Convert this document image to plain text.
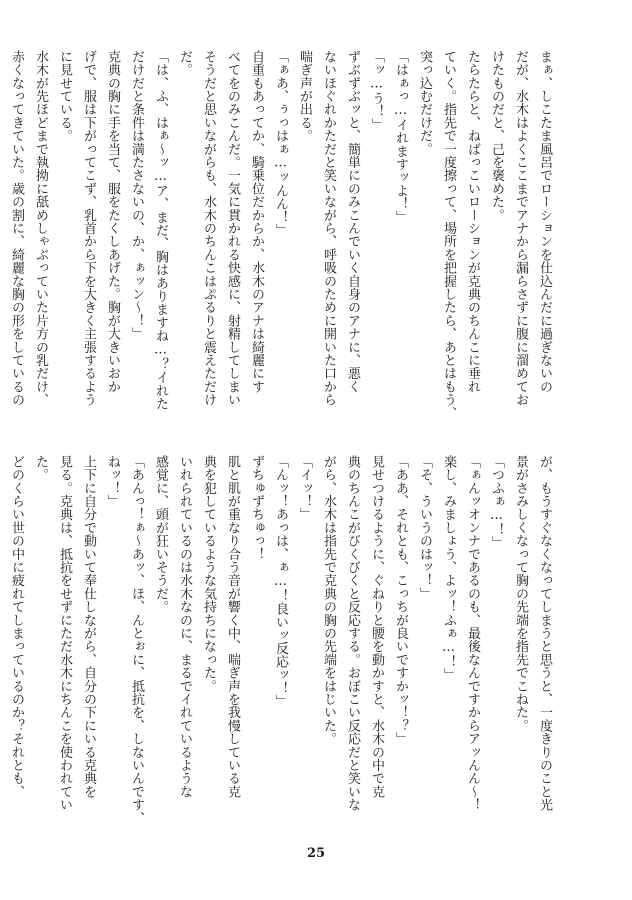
まぁ、しこたま風呂でローションを仕込んだに過ぎないの
だが、水木はよくここまでアナから漏らさずに腹に溜めてお
けたものだと、己を褒めた。
たらたらと、ねばっこいローションが克典のちんこに垂れ
ていく。指先で一度擦って、場所を把握したら、あとはもう、
突っ込むだけだ。
「はぁっ…イれますッよ！」
「ッ…う！」
ずぶずぶッと、簡単にのみこんでいく自身のアナに、悪く
ないほぐれかただと笑いながら、呼吸のために開いた口から
喘ぎ声が出る。
「ぁあ、ぅっはぁ…ッんん！」
自重もあってか、騎乗位だからか、水木のアナは綺麗にす
べてをのみこんだ。一気に貫かれる快感に、射精してしまい
そうだと思いながらも、水木のちんこはぷるりと震えただけ
だ。
「は、ふ、はぁ〜ッ…ア、まだ、胸はありますね…？イれた
だけだと条件は満たさないの、か、ぁッン〜！」
克典の胸に手を当て、服をたくしあげた。胸が大きいおか
げで、服は下がってこず、乳首から下を大きく主張するよう
に見せている。
水木が先ほどまで執拗に舐めしゃぶっていた片方の乳だけ、
赤くなってきていた。歳の割に、綺麗な胸の形をしているの
が、もうすぐなくなってしまうと思うと、一度きりのこと光
景がさみしくなって胸の先端を指先でこねた。
「つふぁ…！」
「ぁんッオンナであるのも、最後なんですからアッんん〜！
楽し、みましょう、よッ！ふぁ…！」
「そ、ういうのはッ！」
「ああ、それとも、こっちが良いですかッ！？」
見せつけるように、ぐねりと腰を動かすと、水木の中で克
典のちんこがびくびくと反応する。おぼこい反応だと笑いな
がら、水木は指先で克典の胸の先端をはじいた。
「イッ！」
「んッ！あっは、ぁ…！良いッ反応ッ！」
ずちゅずちゅっ！
肌と肌が重なり合う音が響く中、喘ぎ声を我慢している克
典を犯しているような気持ちになった。
いれられているのは水木なのに、まるでイれているような
感覚に、頭が狂いそうだ。
「あんっ！ぁ〜あッ、ほ、んとぉに、抵抗を、しないんです、
ねッ！」
上下に自分で動いて奉仕しながら、自分の下にいる克典を
見る。克典は、抵抗をせずにただ水木にちんこを使われてい
た。
どのくらい世の中に疲れてしまっているのか？それとも、
25
